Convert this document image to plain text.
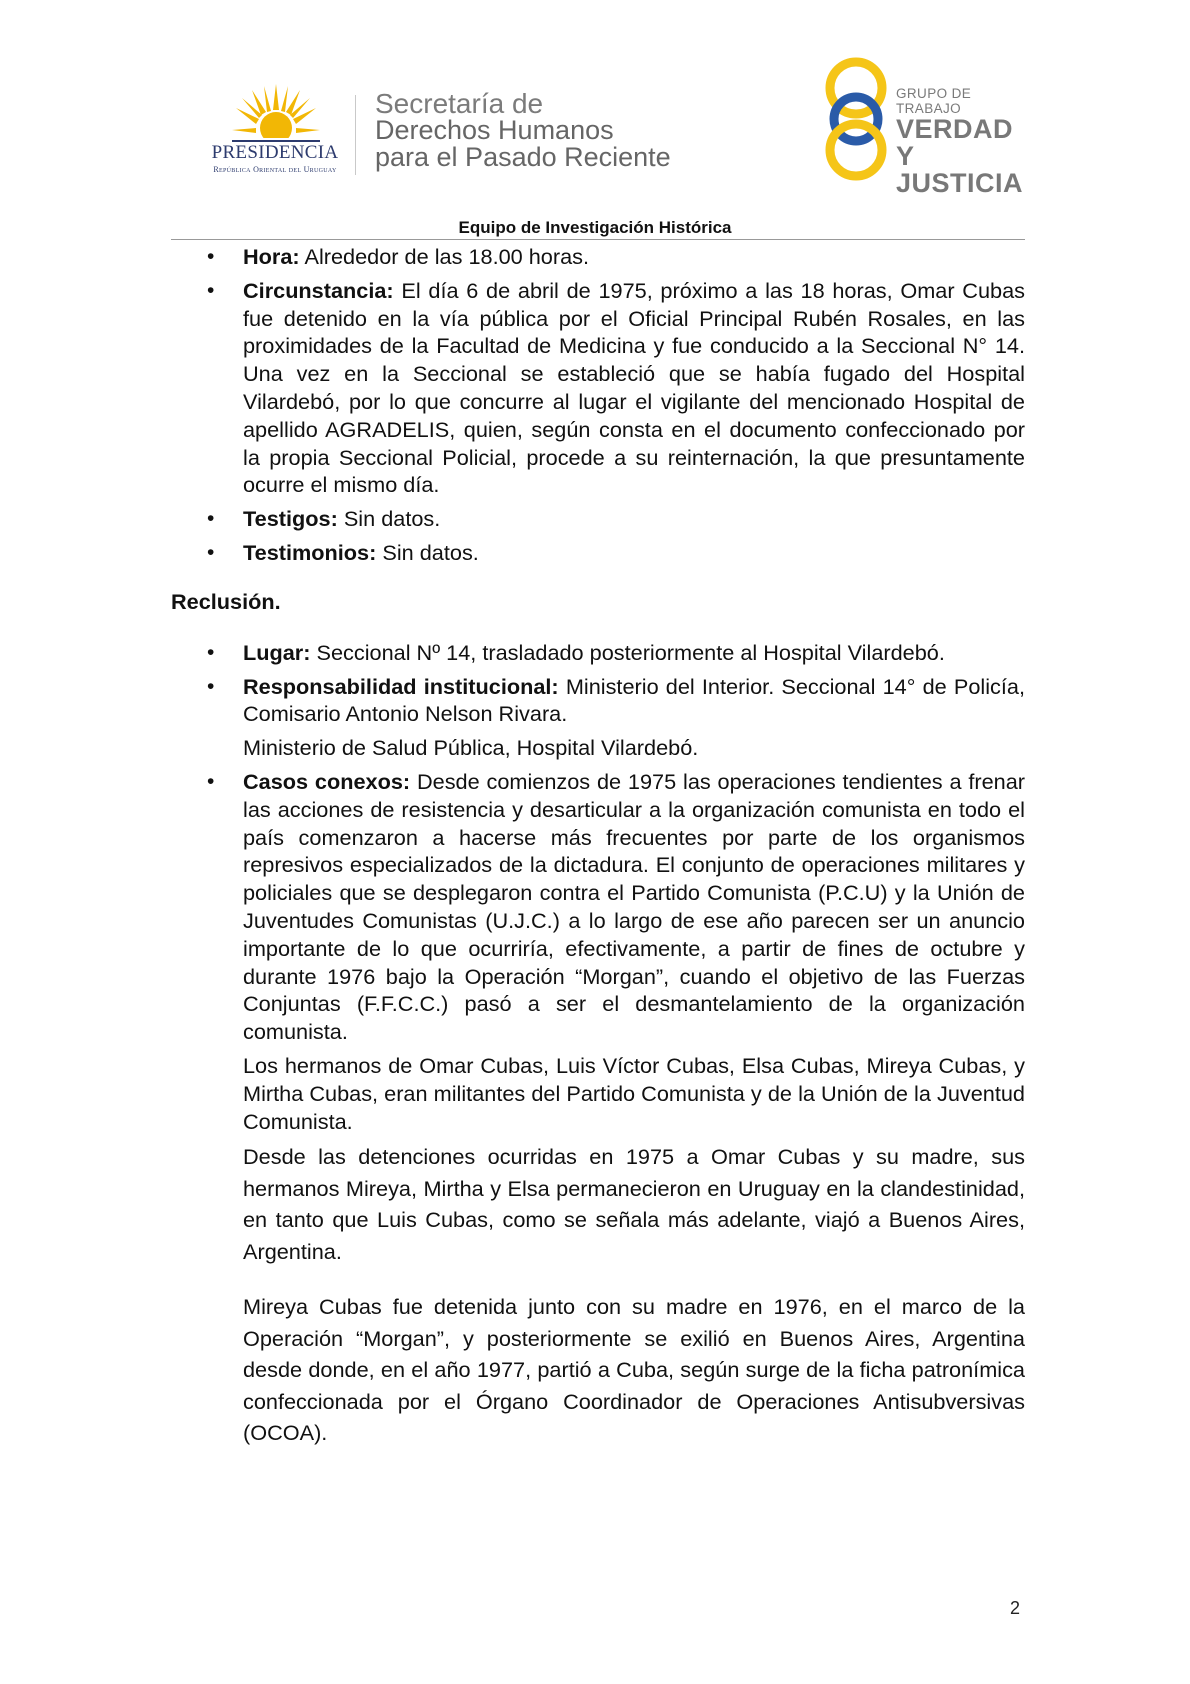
PRESIDENCIA
República Oriental del Uruguay
Secretaría de
Derechos Humanos
para el Pasado Reciente
GRUPO DE TRABAJO
VERDAD Y
JUSTICIA
Equipo de Investigación Histórica
• Hora: Alrededor de las 18.00 horas.
• Circunstancia: El día 6 de abril de 1975, próximo a las 18 horas, Omar Cubas fue detenido en la vía pública por el Oficial Principal Rubén Rosales, en las proximidades de la Facultad de Medicina y fue conducido a la Seccional N° 14. Una vez en la Seccional se estableció que se había fugado del Hospital Vilardebó, por lo que concurre al lugar el vigilante del mencionado Hospital de apellido AGRADELIS, quien, según consta en el documento confeccionado por la propia Seccional Policial, procede a su reinternación, la que presuntamente ocurre el mismo día.
• Testigos: Sin datos.
• Testimonios: Sin datos.
Reclusión.
• Lugar: Seccional Nº 14, trasladado posteriormente al Hospital Vilardebó.
• Responsabilidad institucional: Ministerio del Interior. Seccional 14° de Policía, Comisario Antonio Nelson Rivara.
Ministerio de Salud Pública, Hospital Vilardebó.
• Casos conexos: Desde comienzos de 1975 las operaciones tendientes a frenar las acciones de resistencia y desarticular a la organización comunista en todo el país comenzaron a hacerse más frecuentes por parte de los organismos represivos especializados de la dictadura. El conjunto de operaciones militares y policiales que se desplegaron contra el Partido Comunista (P.C.U) y la Unión de Juventudes Comunistas (U.J.C.) a lo largo de ese año parecen ser un anuncio importante de lo que ocurriría, efectivamente, a partir de fines de octubre y durante 1976 bajo la Operación “Morgan”, cuando el objetivo de las Fuerzas Conjuntas (F.F.C.C.) pasó a ser el desmantelamiento de la organización comunista.
Los hermanos de Omar Cubas, Luis Víctor Cubas, Elsa Cubas, Mireya Cubas, y Mirtha Cubas, eran militantes del Partido Comunista y de la Unión de la Juventud Comunista.
Desde las detenciones ocurridas en 1975 a Omar Cubas y su madre, sus hermanos Mireya, Mirtha y Elsa permanecieron en Uruguay en la clandestinidad, en tanto que Luis Cubas, como se señala más adelante, viajó a Buenos Aires, Argentina.
Mireya Cubas fue detenida junto con su madre en 1976, en el marco de la Operación “Morgan”, y posteriormente se exilió en Buenos Aires, Argentina desde donde, en el año 1977, partió a Cuba, según surge de la ficha patronímica confeccionada por el Órgano Coordinador de Operaciones Antisubversivas (OCOA).
2
